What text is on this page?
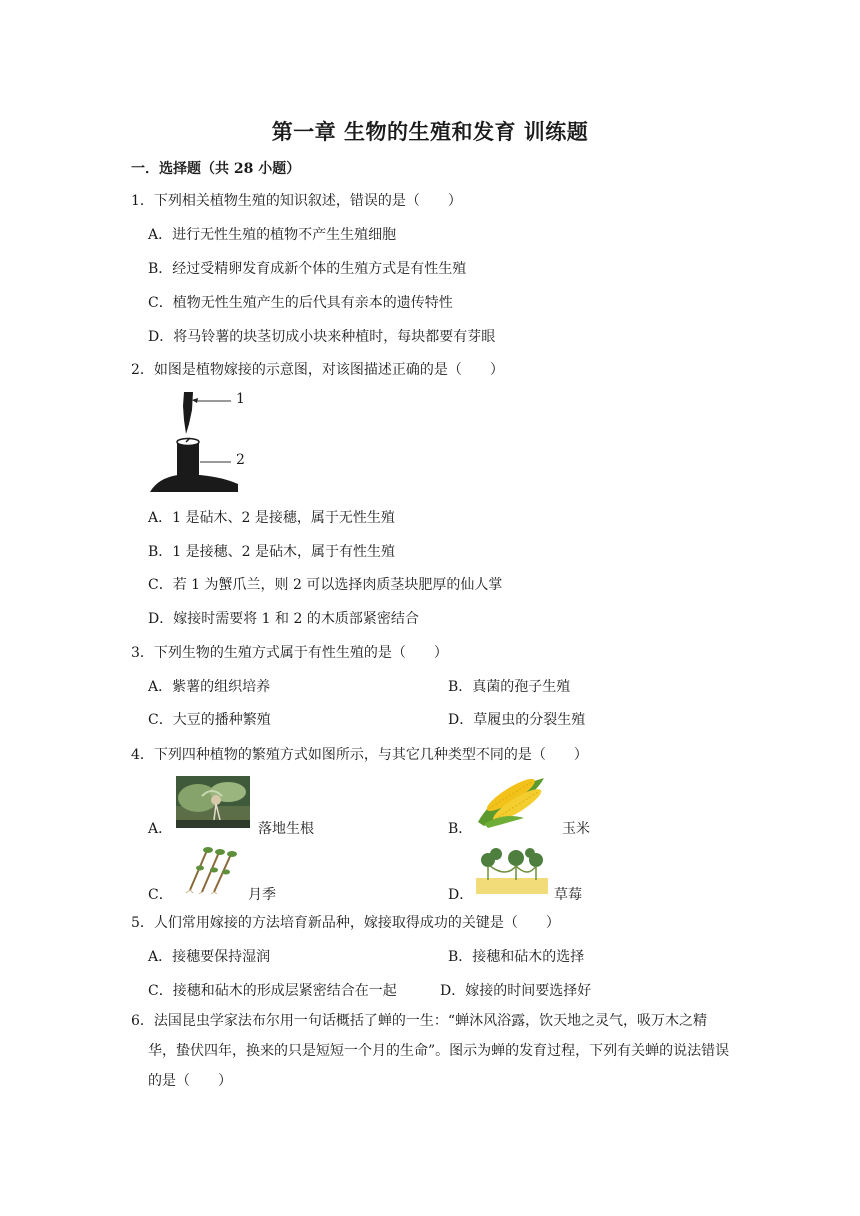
第一章 生物的生殖和发育 训练题
一．选择题（共 28 小题）
1．下列相关植物生殖的知识叙述，错误的是（　　）
A．进行无性生殖的植物不产生生殖细胞
B．经过受精卵发育成新个体的生殖方式是有性生殖
C．植物无性生殖产生的后代具有亲本的遗传特性
D．将马铃薯的块茎切成小块来种植时，每块都要有芽眼
2．如图是植物嫁接的示意图，对该图描述正确的是（　　）
1
2
A．1 是砧木、2 是接穗，属于无性生殖
B．1 是接穗、2 是砧木，属于有性生殖
C．若 1 为蟹爪兰，则 2 可以选择肉质茎块肥厚的仙人掌
D．嫁接时需要将 1 和 2 的木质部紧密结合
3．下列生物的生殖方式属于有性生殖的是（　　）
A．紫薯的组织培养	B．真菌的孢子生殖
C．大豆的播种繁殖	D．草履虫的分裂生殖
4．下列四种植物的繁殖方式如图所示，与其它几种类型不同的是（　　）
A．	落地生根	B．	玉米
C．	月季	D．	草莓
5．人们常用嫁接的方法培育新品种，嫁接取得成功的关键是（　　）
A．接穗要保持湿润	B．接穗和砧木的选择
C．接穗和砧木的形成层紧密结合在一起	D．嫁接的时间要选择好
6．法国昆虫学家法布尔用一句话概括了蝉的一生：“蝉沐风浴露，饮天地之灵气，吸万木之精华，蛰伏四年，换来的只是短短一个月的生命”。图示为蝉的发育过程，下列有关蝉的说法错误的是（　　）
